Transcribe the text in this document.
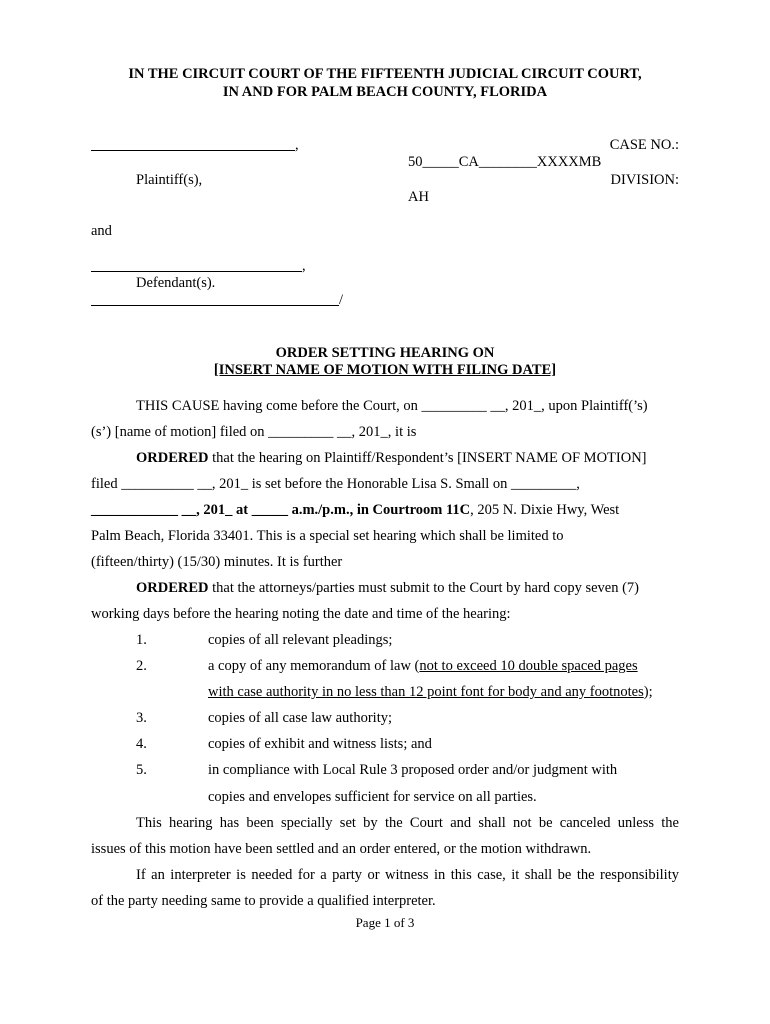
IN THE CIRCUIT COURT OF THE FIFTEENTH JUDICIAL CIRCUIT COURT,
IN AND FOR PALM BEACH COUNTY, FLORIDA
,
Plaintiff(s),
and
,
Defendant(s).
/
CASE NO.:
50_____CA________XXXXMB
DIVISION:
AH
ORDER SETTING HEARING ON
[INSERT NAME OF MOTION WITH FILING DATE]
THIS CAUSE having come before the Court, on _________ __, 201_, upon Plaintiff(’s)
(s’) [name of motion] filed on _________ __, 201_, it is
ORDERED that the hearing on Plaintiff/Respondent’s [INSERT NAME OF MOTION]
filed __________ __, 201_ is set before the Honorable Lisa S. Small on _________,
____________ __, 201_ at _____ a.m./p.m., in Courtroom 11C, 205 N. Dixie Hwy, West
Palm Beach, Florida 33401. This is a special set hearing which shall be limited to
(fifteen/thirty) (15/30) minutes. It is further
ORDERED that the attorneys/parties must submit to the Court by hard copy seven (7)
working days before the hearing noting the date and time of the hearing:
1.	copies of all relevant pleadings;
2.	a copy of any memorandum of law (not to exceed 10 double spaced pages
with case authority in no less than 12 point font for body and any footnotes);
3.	copies of all case law authority;
4.	copies of exhibit and witness lists; and
5.	in compliance with Local Rule 3 proposed order and/or judgment with
copies and envelopes sufficient for service on all parties.
This hearing has been specially set by the Court and shall not be canceled unless the
issues of this motion have been settled and an order entered, or the motion withdrawn.
If an interpreter is needed for a party or witness in this case, it shall be the responsibility
of the party needing same to provide a qualified interpreter.
Page 1 of 3
